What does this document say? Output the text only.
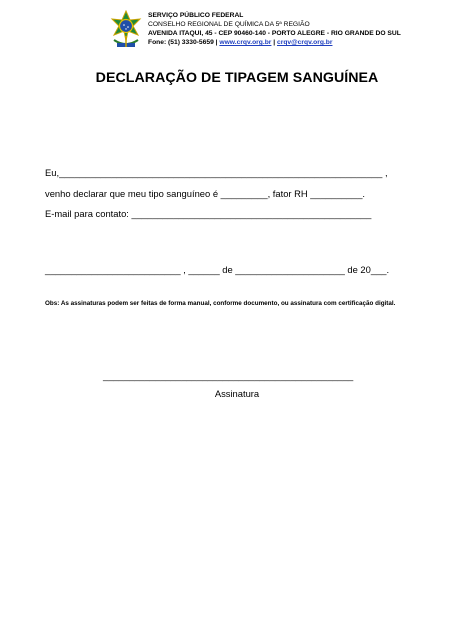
SERVIÇO PÚBLICO FEDERAL
CONSELHO REGIONAL DE QUÍMICA DA 5ª REGIÃO
AVENIDA ITAQUI, 45 - CEP 90460-140 - PORTO ALEGRE - RIO GRANDE DO SUL
Fone: (51) 3330-5659 | www.crqv.org.br | crqv@crqv.org.br
DECLARAÇÃO DE TIPAGEM SANGUÍNEA
Eu,______________________________________________________________ ,
venho declarar que meu tipo sanguíneo é _________, fator RH __________.
E-mail para contato: ______________________________________________
__________________________ , ______ de _____________________ de 20___.
Obs: As assinaturas podem ser feitas de forma manual, conforme documento, ou assinatura com certificação digital.
________________________________________________
Assinatura
